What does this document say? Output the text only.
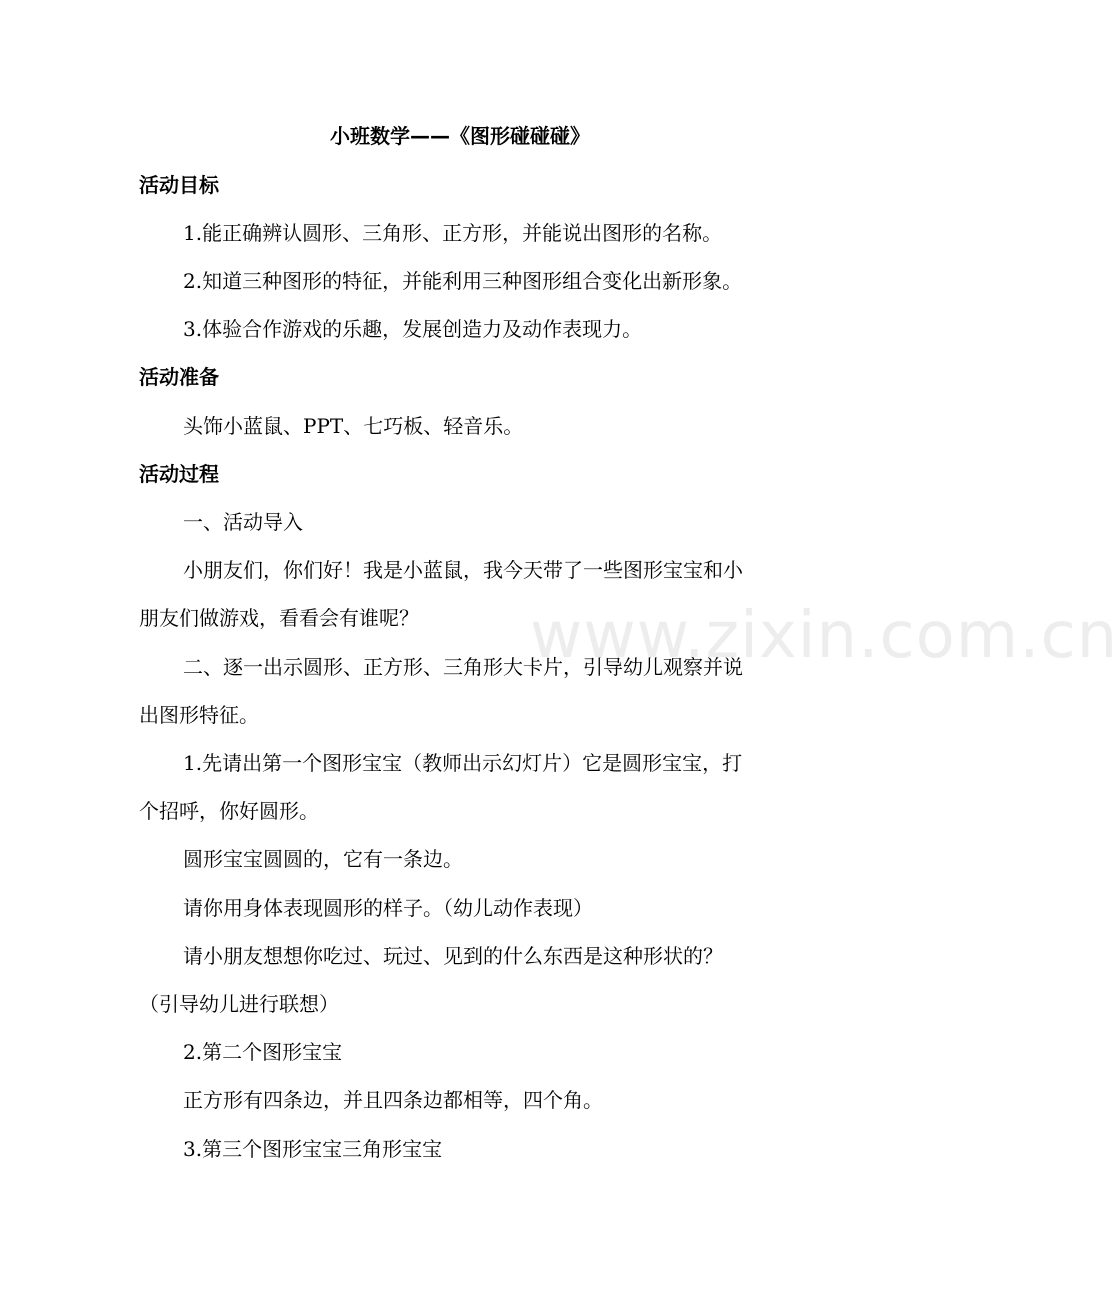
www.zixin.com.cn
小班数学——《图形碰碰碰》
活动目标
1.能正确辨认圆形、三角形、正方形，并能说出图形的名称。
2.知道三种图形的特征，并能利用三种图形组合变化出新形象。
3.体验合作游戏的乐趣，发展创造力及动作表现力。
活动准备
头饰小蓝鼠、PPT、七巧板、轻音乐。
活动过程
一、活动导入
小朋友们，你们好！我是小蓝鼠，我今天带了一些图形宝宝和小
朋友们做游戏，看看会有谁呢？
二、逐一出示圆形、正方形、三角形大卡片，引导幼儿观察并说
出图形特征。
1.先请出第一个图形宝宝（教师出示幻灯片）它是圆形宝宝，打
个招呼，你好圆形。
圆形宝宝圆圆的，它有一条边。
请你用身体表现圆形的样子。（幼儿动作表现）
请小朋友想想你吃过、玩过、见到的什么东西是这种形状的？
（引导幼儿进行联想）
2.第二个图形宝宝
正方形有四条边，并且四条边都相等，四个角。
3.第三个图形宝宝三角形宝宝
